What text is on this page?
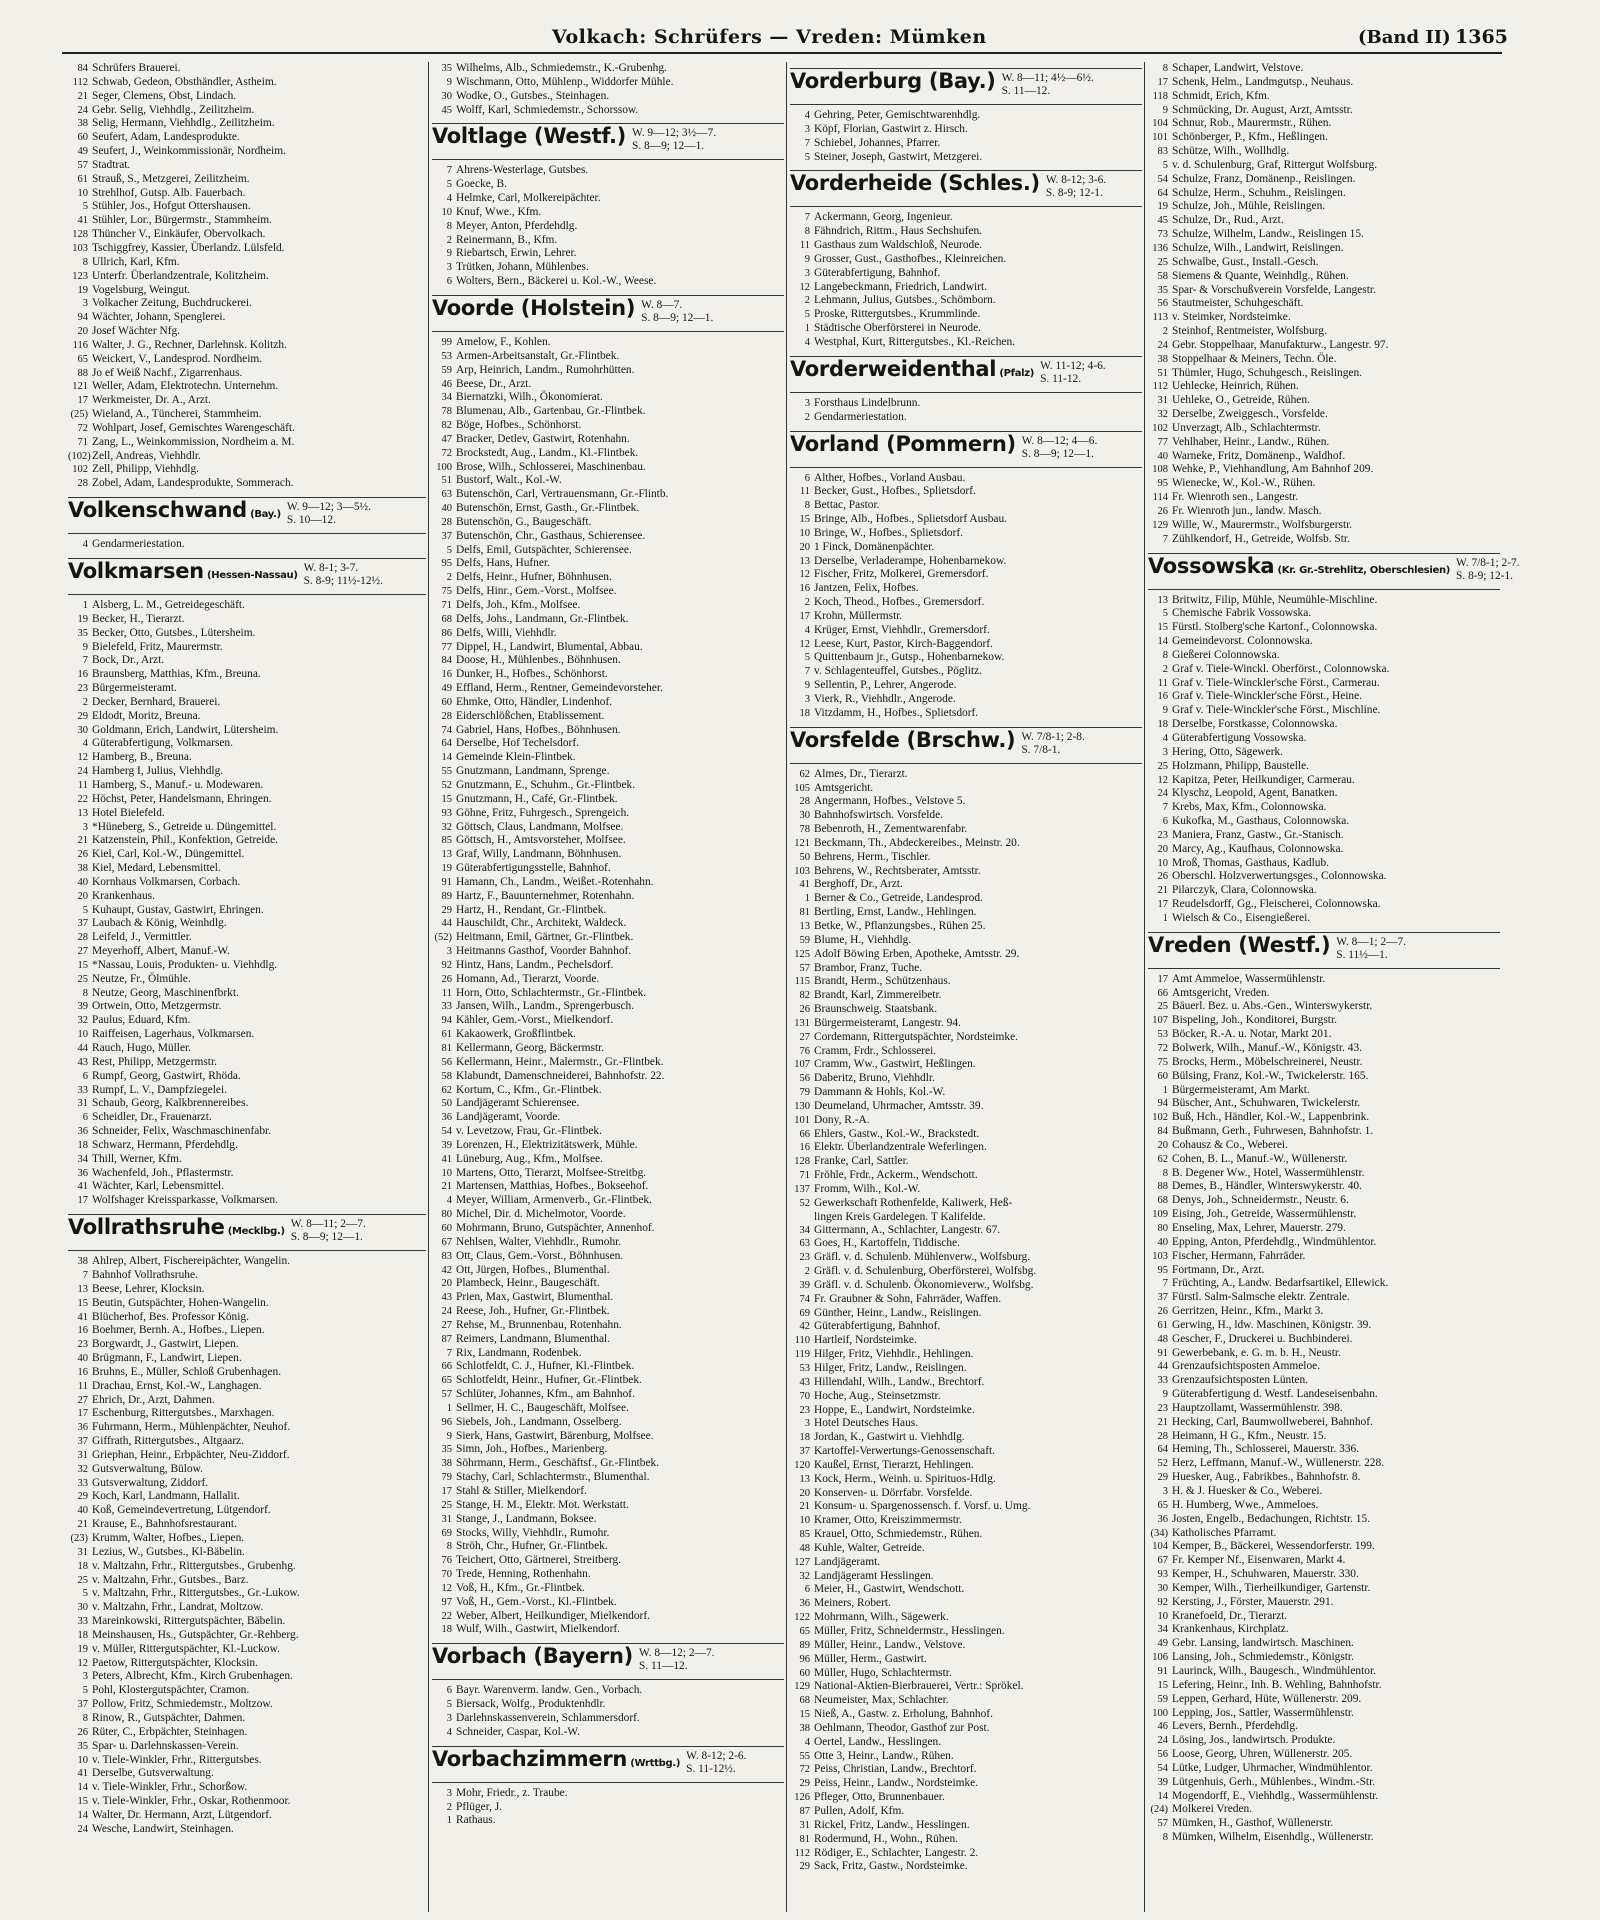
Volkach: Schrüfers — Vreden: Mümken	(Band II) 1365
84 Schrüfers Brauerei.
112 Schwab, Gedeon, Obsthändler, Astheim.
21 Seger, Clemens, Obst, Lindach.
24 Gebr. Selig, Viehhdlg., Zeilitzheim.
38 Selig, Hermann, Viehhdlg., Zeilitzheim.
60 Seufert, Adam, Landesprodukte.
49 Seufert, J., Weinkommissionär, Nordheim.
57 Stadtrat.
61 Strauß, S., Metzgerei, Zeilitzheim.
10 Strehlhof, Gutsp. Alb. Fauerbach.
5 Stühler, Jos., Hofgut Ottershausen.
41 Stühler, Lor., Bürgermstr., Stammheim.
128 Thüncher V., Einkäufer, Obervolkach.
103 Tschiggfrey, Kassier, Überlandz. Lülsfeld.
8 Ullrich, Karl, Kfm.
123 Unterfr. Überlandzentrale, Kolitzheim.
19 Vogelsburg, Weingut.
3 Volkacher Zeitung, Buchdruckerei.
94 Wächter, Johann, Spenglerei.
20 Josef Wächter Nfg.
116 Walter, J. G., Rechner, Darlehnsk. Kolitzh.
65 Weickert, V., Landesprod. Nordheim.
88 Jo ef Weiß Nachf., Zigarrenhaus.
121 Weller, Adam, Elektrotechn. Unternehm.
17 Werkmeister, Dr. A., Arzt.
(25) Wieland, A., Tüncherei, Stammheim.
72 Wohlpart, Josef, Gemischtes Warengeschäft.
71 Zang, L., Weinkommission, Nordheim a. M.
(102)Zell, Andreas, Viehhdlr.
102 Zell, Philipp, Viehhdlg.
28 Zobel, Adam, Landesprodukte, Sommerach.
Volkenschwand (Bay.)
W. 9—12; 3—5½.
S. 10—12.
4 Gendarmeriestation.
Volkmarsen (Hessen-Nassau)
W. 8-1; 3-7.
S. 8-9; 11½-12½.
1 Alsberg, L. M., Getreidegeschäft.
19 Becker, H., Tierarzt.
35 Becker, Otto, Gutsbes., Lütersheim.
9 Bielefeld, Fritz, Maurermstr.
7 Bock, Dr., Arzt.
16 Braunsberg, Matthias, Kfm., Breuna.
23 Bürgermeisteramt.
2 Decker, Bernhard, Brauerei.
29 Eldodt, Moritz, Breuna.
30 Goldmann, Erich, Landwirt, Lütersheim.
4 Güterabfertigung, Volkmarsen.
12 Hamberg, B., Breuna.
24 Hamberg I, Julius, Viehhdlg.
11 Hamberg, S., Manuf.- u. Modewaren.
22 Höchst, Peter, Handelsmann, Ehringen.
13 Hotel Bielefeld.
3 *Hüneberg, S., Getreide u. Düngemittel.
21 Katzenstein, Phil., Konfektion, Getreide.
26 Kiel, Carl, Kol.-W., Düngemittel.
38 Kiel, Medard, Lebensmittel.
40 Kornhaus Volkmarsen, Corbach.
20 Krankenhaus.
5 Kuhaupt, Gustav, Gastwirt, Ehringen.
37 Laubach & König, Weinhdlg.
28 Leifeld, J., Vermittler.
27 Meyerhoff, Albert, Manuf.-W.
15 *Nassau, Louis, Produkten- u. Viehhdlg.
25 Neutze, Fr., Ölmühle.
8 Neutze, Georg, Maschinenfbrkt.
39 Ortwein, Otto, Metzgermstr.
32 Paulus, Eduard, Kfm.
10 Raiffeisen, Lagerhaus, Volkmarsen.
44 Rauch, Hugo, Müller.
43 Rest, Philipp, Metzgermstr.
6 Rumpf, Georg, Gastwirt, Rhöda.
33 Rumpf, L. V., Dampfziegelei.
31 Schaub, Georg, Kalkbrennereibes.
6 Scheidler, Dr., Frauenarzt.
36 Schneider, Felix, Waschmaschinenfabr.
18 Schwarz, Hermann, Pferdehdlg.
34 Thill, Werner, Kfm.
36 Wachenfeld, Joh., Pflastermstr.
41 Wächter, Karl, Lebensmittel.
17 Wolfshager Kreissparkasse, Volkmarsen.
Vollrathsruhe (Mecklbg.)
W. 8—11; 2—7.
S. 8—9; 12—1.
38 Ahlrep, Albert, Fischereipächter, Wangelin.
7 Bahnhof Vollrathsruhe.
13 Beese, Lehrer, Klocksin.
15 Beutin, Gutspächter, Hohen-Wangelin.
41 Blücherhof, Bes. Professor König.
16 Boehmer, Bernh. A., Hofbes., Liepen.
23 Borgwardt, J., Gastwirt, Liepen.
40 Brügmann, F., Landwirt, Liepen.
16 Bruhns, E., Müller, Schloß Grubenhagen.
11 Drachau, Ernst, Kol.-W., Langhagen.
27 Ehrich, Dr., Arzt, Dahmen.
17 Eschenburg, Rittergutsbes., Marxhagen.
36 Fuhrmann, Herm., Mühlenpächter, Neuhof.
37 Giffrath, Rittergutsbes., Altgaarz.
31 Griephan, Heinr., Erbpächter, Neu-Ziddorf.
32 Gutsverwaltung, Bülow.
33 Gutsverwaltung, Ziddorf.
29 Koch, Karl, Landmann, Hallalit.
40 Koß, Gemeindevertretung, Lütgendorf.
21 Krause, E., Bahnhofsrestaurant.
(23) Krumm, Walter, Hofbes., Liepen.
31 Lezius, W., Gutsbes., Kl-Bäbelin.
18 v. Maltzahn, Frhr., Rittergutsbes., Grubenhg.
25 v. Maltzahn, Frhr., Gutsbes., Barz.
5 v. Maltzahn, Frhr., Rittergutsbes., Gr.-Lukow.
30 v. Maltzahn, Frhr., Landrat, Moltzow.
33 Mareinkowski, Rittergutspächter, Bäbelin.
18 Meinshausen, Hs., Gutspächter, Gr.-Rehberg.
19 v. Müller, Rittergutspächter, Kl.-Luckow.
12 Paetow, Rittergutspächter, Klocksin.
3 Peters, Albrecht, Kfm., Kirch Grubenhagen.
5 Pohl, Klostergutspächter, Cramon.
37 Pollow, Fritz, Schmiedemstr., Moltzow.
8 Rinow, R., Gutspächter, Dahmen.
26 Rüter, C., Erbpächter, Steinhagen.
35 Spar- u. Darlehnskassen-Verein.
10 v. Tiele-Winkler, Frhr., Rittergutsbes.
41 Derselbe, Gutsverwaltung.
14 v. Tiele-Winkler, Frhr., Schorßow.
15 v. Tiele-Winkler, Frhr., Oskar, Rothenmoor.
14 Walter, Dr. Hermann, Arzt, Lütgendorf.
24 Wesche, Landwirt, Steinhagen.
35 Wilhelms, Alb., Schmiedemstr., K.-Grubenhg.
9 Wischmann, Otto, Mühlenp., Widdorfer Mühle.
30 Wodke, O., Gutsbes., Steinhagen.
45 Wolff, Karl, Schmiedemstr., Schorssow.
Voltlage (Westf.) W. 9—12; 3½—7.
S. 8—9; 12—1.
7 Ahrens-Westerlage, Gutsbes.
5 Goecke, B.
4 Helmke, Carl, Molkereipächter.
10 Knuf, Wwe., Kfm.
8 Meyer, Anton, Pferdehdlg.
2 Reinermann, B., Kfm.
9 Riebartsch, Erwin, Lehrer.
3 Trütken, Johann, Mühlenbes.
6 Wolters, Bern., Bäckerei u. Kol.-W., Weese.
Voorde (Holstein) W. 8—7.
S. 8—9; 12—1.
99 Amelow, F., Kohlen.
53 Armen-Arbeitsanstalt, Gr.-Flintbek.
59 Arp, Heinrich, Landm., Rumohrhütten.
46 Beese, Dr., Arzt.
34 Biernatzki, Wilh., Ökonomierat.
78 Blumenau, Alb., Gartenbau, Gr.-Flintbek.
82 Böge, Hofbes., Schönhorst.
47 Bracker, Detlev, Gastwirt, Rotenhahn.
72 Brockstedt, Aug., Landm., Kl.-Flintbek.
100 Brose, Wilh., Schlosserei, Maschinenbau.
51 Bustorf, Walt., Kol.-W.
63 Butenschön, Carl, Vertrauensmann, Gr.-Flintb.
40 Butenschön, Ernst, Gasth., Gr.-Flintbek.
28 Butenschön, G., Baugeschäft.
37 Butenschön, Chr., Gasthaus, Schierensee.
5 Delfs, Emil, Gutspächter, Schierensee.
95 Delfs, Hans, Hufner.
2 Delfs, Heinr., Hufner, Böhnhusen.
75 Delfs, Hinr., Gem.-Vorst., Molfsee.
71 Delfs, Joh., Kfm., Molfsee.
68 Delfs, Johs., Landmann, Gr.-Flintbek.
86 Delfs, Willi, Viehhdlr.
77 Dippel, H., Landwirt, Blumental, Abbau.
84 Doose, H., Mühlenbes., Böhnhusen.
16 Dunker, H., Hofbes., Schönhorst.
49 Effland, Herm., Rentner, Gemeindevorsteher.
60 Ehmke, Otto, Händler, Lindenhof.
28 Eiderschlößchen, Etablissement.
74 Gabriel, Hans, Hofbes., Böhnhusen.
64 Derselbe, Hof Techelsdorf.
14 Gemeinde Klein-Flintbek.
55 Gnutzmann, Landmann, Sprenge.
52 Gnutzmann, E., Schuhm., Gr.-Flintbek.
15 Gnutzmann, H., Café, Gr.-Flintbek.
93 Göhne, Fritz, Fuhrgesch., Sprengeich.
32 Göttsch, Claus, Landmann, Molfsee.
85 Göttsch, H., Amtsvorsteher, Molfsee.
13 Graf, Willy, Landmann, Böhnhusen.
19 Güterabfertigungsstelle, Bahnhof.
91 Hamann, Ch., Landm., Weißet.-Rotenhahn.
89 Hartz, F., Bauunternehmer, Rotenhahn.
29 Hartz, H., Rendant, Gr.-Flintbek.
44 Hauschildt, Chr., Architekt, Waldeck.
(52) Heitmann, Emil, Gärtner, Gr.-Flintbek.
3 Heitmanns Gasthof, Voorder Bahnhof.
92 Hintz, Hans, Landm., Pechelsdorf.
26 Homann, Ad., Tierarzt, Voorde.
11 Horn, Otto, Schlachtermstr., Gr.-Flintbek.
33 Jansen, Wilh., Landm., Sprengerbusch.
94 Kähler, Gem.-Vorst., Mielkendorf.
61 Kakaowerk, Großflintbek.
81 Kellermann, Georg, Bäckermstr.
56 Kellermann, Heinr., Malermstr., Gr.-Flintbek.
58 Klabundt, Damenschneiderei, Bahnhofstr. 22.
62 Kortum, C., Kfm., Gr.-Flintbek.
50 Landjägeramt Schierensee.
36 Landjägeramt, Voorde.
54 v. Levetzow, Frau, Gr.-Flintbek.
39 Lorenzen, H., Elektrizitätswerk, Mühle.
41 Lüneburg, Aug., Kfm., Molfsee.
10 Martens, Otto, Tierarzt, Molfsee-Streitbg.
21 Martensen, Matthias, Hofbes., Bokseehof.
4 Meyer, William, Armenverb., Gr.-Flintbek.
80 Michel, Dir. d. Michelmotor, Voorde.
60 Mohrmann, Bruno, Gutspächter, Annenhof.
67 Nehlsen, Walter, Viehhdlr., Rumohr.
83 Ott, Claus, Gem.-Vorst., Böhnhusen.
42 Ott, Jürgen, Hofbes., Blumenthal.
20 Plambeck, Heinr., Baugeschäft.
43 Prien, Max, Gastwirt, Blumenthal.
24 Reese, Joh., Hufner, Gr.-Flintbek.
27 Rehse, M., Brunnenbau, Rotenhahn.
87 Reimers, Landmann, Blumenthal.
7 Rix, Landmann, Rodenbek.
66 Schlotfeldt, C. J., Hufner, Kl.-Flintbek.
65 Schlotfeldt, Heinr., Hufner, Gr.-Flintbek.
57 Schlüter, Johannes, Kfm., am Bahnhof.
1 Sellmer, H. C., Baugeschäft, Molfsee.
96 Siebels, Joh., Landmann, Osselberg.
9 Sierk, Hans, Gastwirt, Bärenburg, Molfsee.
35 Simn, Joh., Hofbes., Marienberg.
38 Söhrmann, Herm., Geschäftsf., Gr.-Flintbek.
79 Stachy, Carl, Schlachtermstr., Blumenthal.
17 Stahl & Stiller, Mielkendorf.
25 Stange, H. M., Elektr. Mot. Werkstatt.
31 Stange, J., Landmann, Boksee.
69 Stocks, Willy, Viehhdlr., Rumohr.
8 Ströh, Chr., Hufner, Gr.-Flintbek.
76 Teichert, Otto, Gärtnerei, Streitberg.
70 Trede, Henning, Rothenhahn.
12 Voß, H., Kfm., Gr.-Flintbek.
97 Voß, H., Gem.-Vorst., Kl.-Flintbek.
22 Weber, Albert, Heilkundiger, Mielkendorf.
18 Wulf, Wilh., Gastwirt, Mielkendorf.
Vorbach (Bayern) W. 8—12; 2—7.
S. 11—12.
6 Bayr. Warenverm. landw. Gen., Vorbach.
5 Biersack, Wolfg., Produktenhdlr.
3 Darlehnskassenverein, Schlammersdorf.
4 Schneider, Caspar, Kol.-W.
Vorbachzimmern (Wrttbg.)
W. 8-12; 2-6.
S. 11-12½.
3 Mohr, Friedr., z. Traube.
2 Pflüger, J.
1 Rathaus.
Vorderburg (Bay.) W. 8—11; 4½—6½.
S. 11—12.
4 Gehring, Peter, Gemischtwarenhdlg.
3 Köpf, Florian, Gastwirt z. Hirsch.
7 Schiebel, Johannes, Pfarrer.
5 Steiner, Joseph, Gastwirt, Metzgerei.
Vorderheide (Schles.) W. 8-12; 3-6.
S. 8-9; 12-1.
7 Ackermann, Georg, Ingenieur.
8 Fähndrich, Rittm., Haus Sechshufen.
11 Gasthaus zum Waldschloß, Neurode.
9 Grosser, Gust., Gasthofbes., Kleinreichen.
3 Güterabfertigung, Bahnhof.
12 Langebeckmann, Friedrich, Landwirt.
2 Lehmann, Julius, Gutsbes., Schömborn.
5 Proske, Rittergutsbes., Krummlinde.
1 Städtische Oberförsterei in Neurode.
4 Westphal, Kurt, Rittergutsbes., Kl.-Reichen.
Vorderweidenthal (Pfalz)
W. 11-12; 4-6.
S. 11-12.
3 Forsthaus Lindelbrunn.
2 Gendarmeriestation.
Vorland (Pommern) W. 8—12; 4—6.
S. 8—9; 12—1.
6 Alther, Hofbes., Vorland Ausbau.
11 Becker, Gust., Hofbes., Splietsdorf.
8 Bettac, Pastor.
15 Bringe, Alb., Hofbes., Splietsdorf Ausbau.
10 Bringe, W., Hofbes., Splietsdorf.
20 1 Finck, Domänenpächter.
13 Derselbe, Verladerampe, Hohenbarnekow.
12 Fischer, Fritz, Molkerei, Gremersdorf.
16 Jantzen, Felix, Hofbes.
2 Koch, Theod., Hofbes., Gremersdorf.
17 Krohn, Müllermstr.
4 Krüger, Ernst, Viehhdlr., Gremersdorf.
12 Leese, Kurt, Pastor, Kirch-Baggendorf.
5 Quittenbaum jr., Gutsp., Hohenbarnekow.
7 v. Schlagenteuffel, Gutsbes., Pöglitz.
9 Sellentin, P., Lehrer, Angerode.
3 Vierk, R., Viehhdlr., Angerode.
18 Vitzdamm, H., Hofbes., Splietsdorf.
Vorsfelde (Brschw.) W. 7/8-1; 2-8.
S. 7/8-1.
62 Almes, Dr., Tierarzt.
105 Amtsgericht.
28 Angermann, Hofbes., Velstove 5.
30 Bahnhofswirtsch. Vorsfelde.
78 Bebenroth, H., Zementwarenfabr.
121 Beckmann, Th., Abdeckereibes., Meinstr. 20.
50 Behrens, Herm., Tischler.
103 Behrens, W., Rechtsberater, Amtsstr.
41 Berghoff, Dr., Arzt.
1 Berner & Co., Getreide, Landesprod.
81 Bertling, Ernst, Landw., Hehlingen.
13 Betke, W., Pflanzungsbes., Rühen 25.
59 Blume, H., Viehhdlg.
125 Adolf Böwing Erben, Apotheke, Amtsstr. 29.
57 Brambor, Franz, Tuche.
115 Brandt, Herm., Schützenhaus.
82 Brandt, Karl, Zimmereibetr.
26 Braunschweig. Staatsbank.
131 Bürgermeisteramt, Langestr. 94.
27 Cordemann, Rittergutspächter, Nordsteimke.
76 Cramm, Frdr., Schlosserei.
107 Cramm, Ww., Gastwirt, Heßlingen.
56 Daberitz, Bruno, Viehhdlr.
79 Dammann & Hohls, Kol.-W.
130 Deumeland, Uhrmacher, Amtsstr. 39.
101 Dony, R.-A.
66 Ehlers, Gastw., Kol.-W., Brackstedt.
16 Elektr. Überlandzentrale Weferlingen.
128 Franke, Carl, Sattler.
71 Fröhle, Frdr., Ackerm., Wendschott.
137 Fromm, Wilh., Kol.-W.
52 Gewerkschaft Rothenfelde, Kaliwerk, Heß-
lingen Kreis Gardelegen. T Kalifelde.
34 Gittermann, A., Schlachter, Langestr. 67.
63 Goes, H., Kartoffeln, Tiddische.
23 Gräfl. v. d. Schulenb. Mühlenverw., Wolfsburg.
2 Gräfl. v. d. Schulenburg, Oberförsterei, Wolfsbg.
39 Gräfl. v. d. Schulenb. Ökonomieverw., Wolfsbg.
74 Fr. Graubner & Sohn, Fahrräder, Waffen.
69 Günther, Heinr., Landw., Reislingen.
42 Güterabfertigung, Bahnhof.
110 Hartleif, Nordsteimke.
119 Hilger, Fritz, Viehhdlr., Hehlingen.
53 Hilger, Fritz, Landw., Reislingen.
43 Hillendahl, Wilh., Landw., Brechtorf.
70 Hoche, Aug., Steinsetzmstr.
23 Hoppe, E., Landwirt, Nordsteimke.
3 Hotel Deutsches Haus.
18 Jordan, K., Gastwirt u. Viehhdlg.
37 Kartoffel-Verwertungs-Genossenschaft.
120 Kaußel, Ernst, Tierarzt, Hehlingen.
13 Kock, Herm., Weinh. u. Spirituos-Hdlg.
20 Konserven- u. Dörrfabr. Vorsfelde.
21 Konsum- u. Spargenossensch. f. Vorsf. u. Umg.
10 Kramer, Otto, Kreiszimmermstr.
85 Krauel, Otto, Schmiedemstr., Rühen.
48 Kuhle, Walter, Getreide.
127 Landjägeramt.
32 Landjägeramt Hesslingen.
6 Meier, H., Gastwirt, Wendschott.
36 Meiners, Robert.
122 Mohrmann, Wilh., Sägewerk.
65 Müller, Fritz, Schneidermstr., Hesslingen.
89 Müller, Heinr., Landw., Velstove.
96 Müller, Herm., Gastwirt.
60 Müller, Hugo, Schlachtermstr.
129 National-Aktien-Bierbrauerei, Vertr.: Sprökel.
68 Neumeister, Max, Schlachter.
15 Nieß, A., Gastw. z. Erholung, Bahnhof.
38 Oehlmann, Theodor, Gasthof zur Post.
4 Oertel, Landw., Hesslingen.
55 Otte 3, Heinr., Landw., Rühen.
72 Peiss, Christian, Landw., Brechtorf.
29 Peiss, Heinr., Landw., Nordsteimke.
126 Pfleger, Otto, Brunnenbauer.
87 Pullen, Adolf, Kfm.
31 Rickel, Fritz, Landw., Hesslingen.
81 Rodermund, H., Wohn., Rühen.
112 Rödiger, E., Schlachter, Langestr. 2.
29 Sack, Fritz, Gastw., Nordsteimke.
8 Schaper, Landwirt, Velstove.
17 Schenk, Helm., Landmgutsp., Neuhaus.
118 Schmidt, Erich, Kfm.
9 Schmücking, Dr. August, Arzt, Amtsstr.
104 Schnur, Rob., Maurermstr., Rühen.
101 Schönberger, P., Kfm., Heßlingen.
83 Schütze, Wilh., Wollhdlg.
5 v. d. Schulenburg, Graf, Rittergut Wolfsburg.
54 Schulze, Franz, Domänenp., Reislingen.
64 Schulze, Herm., Schuhm., Reislingen.
19 Schulze, Joh., Mühle, Reislingen.
45 Schulze, Dr., Rud., Arzt.
73 Schulze, Wilhelm, Landw., Reislingen 15.
136 Schulze, Wilh., Landwirt, Reislingen.
25 Schwalbe, Gust., Install.-Gesch.
58 Siemens & Quante, Weinhdlg., Rühen.
35 Spar- & Vorschußverein Vorsfelde, Langestr.
56 Stautmeister, Schuhgeschäft.
113 v. Steimker, Nordsteimke.
2 Steinhof, Rentmeister, Wolfsburg.
24 Gebr. Stoppelhaar, Manufakturw., Langestr. 97.
38 Stoppelhaar & Meiners, Techn. Öle.
51 Thümler, Hugo, Schuhgesch., Reislingen.
112 Uehlecke, Heinrich, Rühen.
31 Uehleke, O., Getreide, Rühen.
32 Derselbe, Zweiggesch., Vorsfelde.
102 Unverzagt, Alb., Schlachtermstr.
77 Vehlhaber, Heinr., Landw., Rühen.
40 Warneke, Fritz, Domänenp., Waldhof.
108 Wehke, P., Viehhandlung, Am Bahnhof 209.
95 Wienecke, W., Kol.-W., Rühen.
114 Fr. Wienroth sen., Langestr.
26 Fr. Wienroth jun., landw. Masch.
129 Wille, W., Maurermstr., Wolfsburgerstr.
7 Zühlkendorf, H., Getreide, Wolfsb. Str.
Vossowska (Kr. Gr.-Strehlitz, Oberschlesien)
W. 7/8-1; 2-7.
S. 8-9; 12-1.
13 Britwitz, Filip, Mühle, Neumühle-Mischline.
5 Chemische Fabrik Vossowska.
15 Fürstl. Stolberg'sche Kartonf., Colonnowska.
14 Gemeindevorst. Colonnowska.
8 Gießerei Colonnowska.
2 Graf v. Tiele-Winckl. Oberförst., Colonnowska.
11 Graf v. Tiele-Winckler'sche Först., Carmerau.
16 Graf v. Tiele-Winckler'sche Först., Heine.
9 Graf v. Tiele-Winckler'sche Först., Mischline.
18 Derselbe, Forstkasse, Colonnowska.
4 Güterabfertigung Vossowska.
3 Hering, Otto, Sägewerk.
25 Holzmann, Philipp, Baustelle.
12 Kapitza, Peter, Heilkundiger, Carmerau.
24 Klyschz, Leopold, Agent, Banatken.
7 Krebs, Max, Kfm., Colonnowska.
6 Kukofka, M., Gasthaus, Colonnowska.
23 Maniera, Franz, Gastw., Gr.-Stanisch.
20 Marcy, Ag., Kaufhaus, Colonnowska.
10 Mroß, Thomas, Gasthaus, Kadlub.
26 Oberschl. Holzverwertungsges., Colonnowska.
21 Pilarczyk, Clara, Colonnowska.
17 Reudelsdorff, Gg., Fleischerei, Colonnowska.
1 Wielsch & Co., Eisengießerei.
Vreden (Westf.) W. 8—1; 2—7.
S. 11½—1.
17 Amt Ammeloe, Wassermühlenstr.
66 Amtsgericht, Vreden.
25 Bäuerl. Bez. u. Abs.-Gen., Winterswykerstr.
107 Bispeling, Joh., Konditorei, Burgstr.
53 Böcker, R.-A. u. Notar, Markt 201.
72 Bolwerk, Wilh., Manuf.-W., Königstr. 43.
75 Brocks, Herm., Möbelschreinerei, Neustr.
60 Bülsing, Franz, Kol.-W., Twickelerstr. 165.
1 Bürgermeisteramt, Am Markt.
94 Büscher, Ant., Schuhwaren, Twickelerstr.
102 Buß, Hch., Händler, Kol.-W., Lappenbrink.
84 Bußmann, Gerh., Fuhrwesen, Bahnhofstr. 1.
20 Cohausz & Co., Weberei.
62 Cohen, B. L., Manuf.-W., Wüllenerstr.
8 B. Degener Ww., Hotel, Wassermühlenstr.
88 Demes, B., Händler, Winterswykerstr. 40.
68 Denys, Joh., Schneidermstr., Neustr. 6.
109 Eising, Joh., Getreide, Wassermühlenstr.
80 Enseling, Max, Lehrer, Mauerstr. 279.
40 Epping, Anton, Pferdehdlg., Windmühlentor.
103 Fischer, Hermann, Fahrräder.
95 Fortmann, Dr., Arzt.
7 Früchting, A., Landw. Bedarfsartikel, Ellewick.
37 Fürstl. Salm-Salmsche elektr. Zentrale.
26 Gerritzen, Heinr., Kfm., Markt 3.
61 Gerwing, H., ldw. Maschinen, Königstr. 39.
48 Gescher, F., Druckerei u. Buchbinderei.
91 Gewerbebank, e. G. m. b. H., Neustr.
44 Grenzaufsichtsposten Ammeloe.
33 Grenzaufsichtsposten Lünten.
9 Güterabfertigung d. Westf. Landeseisenbahn.
23 Hauptzollamt, Wassermühlenstr. 398.
21 Hecking, Carl, Baumwollweberei, Bahnhof.
28 Heimann, H G., Kfm., Neustr. 15.
64 Heming, Th., Schlosserei, Mauerstr. 336.
52 Herz, Leffmann, Manuf.-W., Wüllenerstr. 228.
29 Huesker, Aug., Fabrikbes., Bahnhofstr. 8.
3 H. & J. Huesker & Co., Weberei.
65 H. Humberg, Wwe., Ammeloes.
36 Josten, Engelb., Bedachungen, Richtstr. 15.
(34) Katholisches Pfarramt.
104 Kemper, B., Bäckerei, Wessendorferstr. 199.
67 Fr. Kemper Nf., Eisenwaren, Markt 4.
93 Kemper, H., Schuhwaren, Mauerstr. 330.
30 Kemper, Wilh., Tierheilkundiger, Gartenstr.
92 Kersting, J., Förster, Mauerstr. 291.
10 Kranefoeld, Dr., Tierarzt.
34 Krankenhaus, Kirchplatz.
49 Gebr. Lansing, landwirtsch. Maschinen.
106 Lansing, Joh., Schmiedemstr., Königstr.
91 Laurinck, Wilh., Baugesch., Windmühlentor.
15 Lefering, Heinr., Inh. B. Wehling, Bahnhofstr.
59 Leppen, Gerhard, Hüte, Wüllenerstr. 209.
100 Lepping, Jos., Sattler, Wassermühlenstr.
46 Levers, Bernh., Pferdehdlg.
24 Lösing, Jos., landwirtsch. Produkte.
56 Loose, Georg, Uhren, Wüllenerstr. 205.
54 Lütke, Ludger, Uhrmacher, Windmühlentor.
39 Lütgenhuis, Gerh., Mühlenbes., Windm.-Str.
14 Mogendorff, E., Viehhdlg., Wassermühlenstr.
(24) Molkerei Vreden.
57 Mümken, H., Gasthof, Wüllenerstr.
8 Mümken, Wilhelm, Eisenhdlg., Wüllenerstr.
